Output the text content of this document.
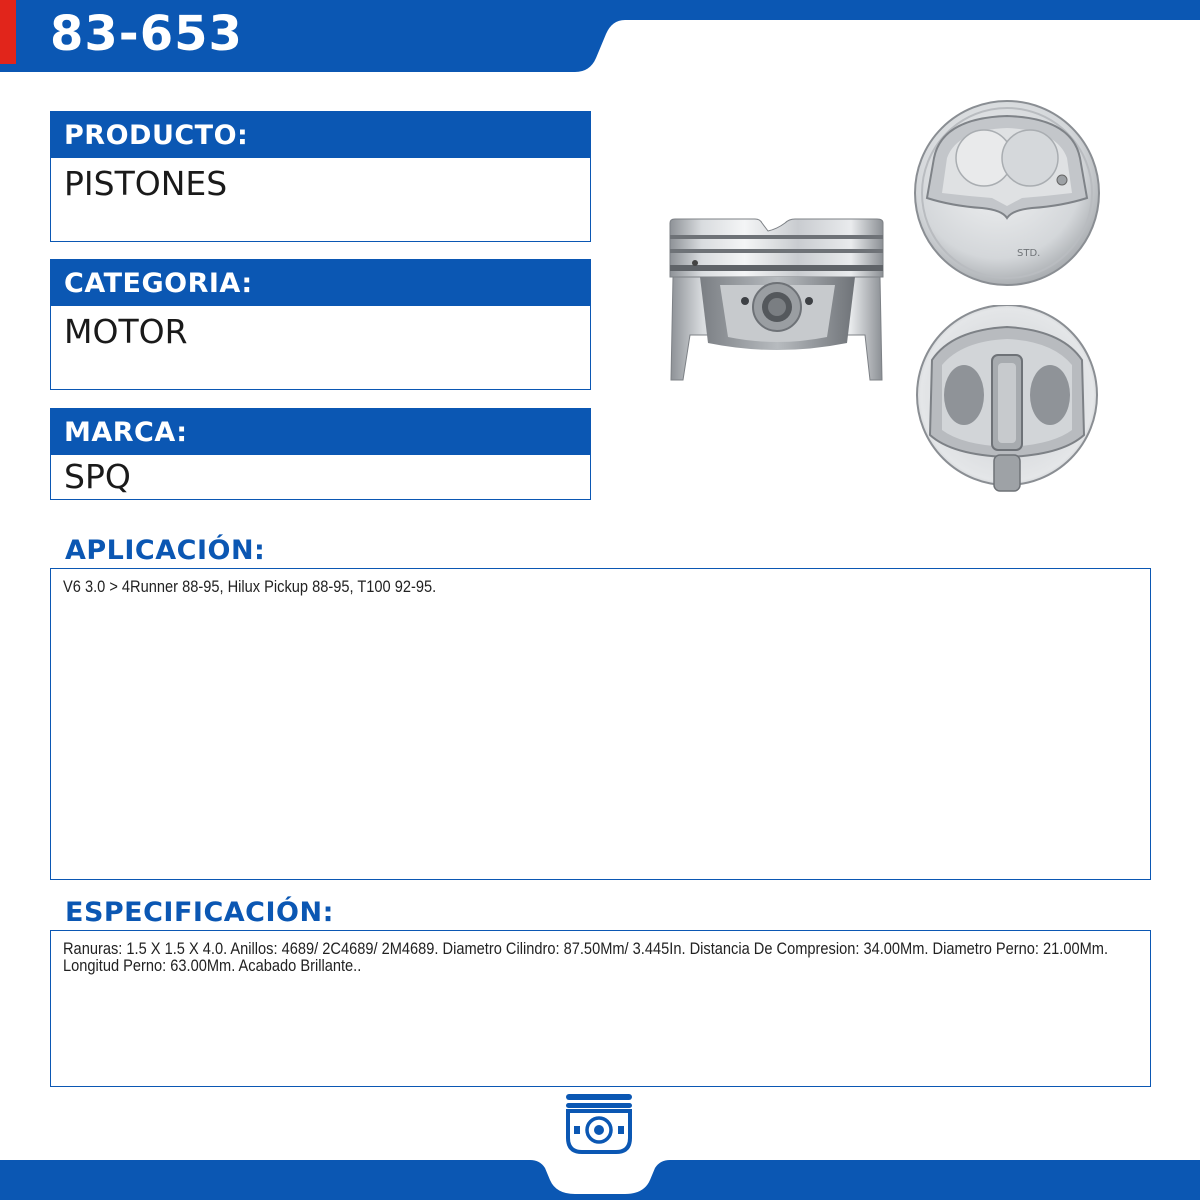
83-653
PRODUCTO:
PISTONES
CATEGORIA:
MOTOR
MARCA:
SPQ
STD.
APLICACIÓN:
V6 3.0 > 4Runner 88-95, Hilux Pickup 88-95, T100 92-95.
ESPECIFICACIÓN:
Ranuras: 1.5 X 1.5 X 4.0. Anillos: 4689/ 2C4689/ 2M4689. Diametro Cilindro: 87.50Mm/ 3.445In. Distancia De Compresion: 34.00Mm. Diametro Perno: 21.00Mm. Longitud Perno: 63.00Mm. Acabado Brillante..
MOTOR
